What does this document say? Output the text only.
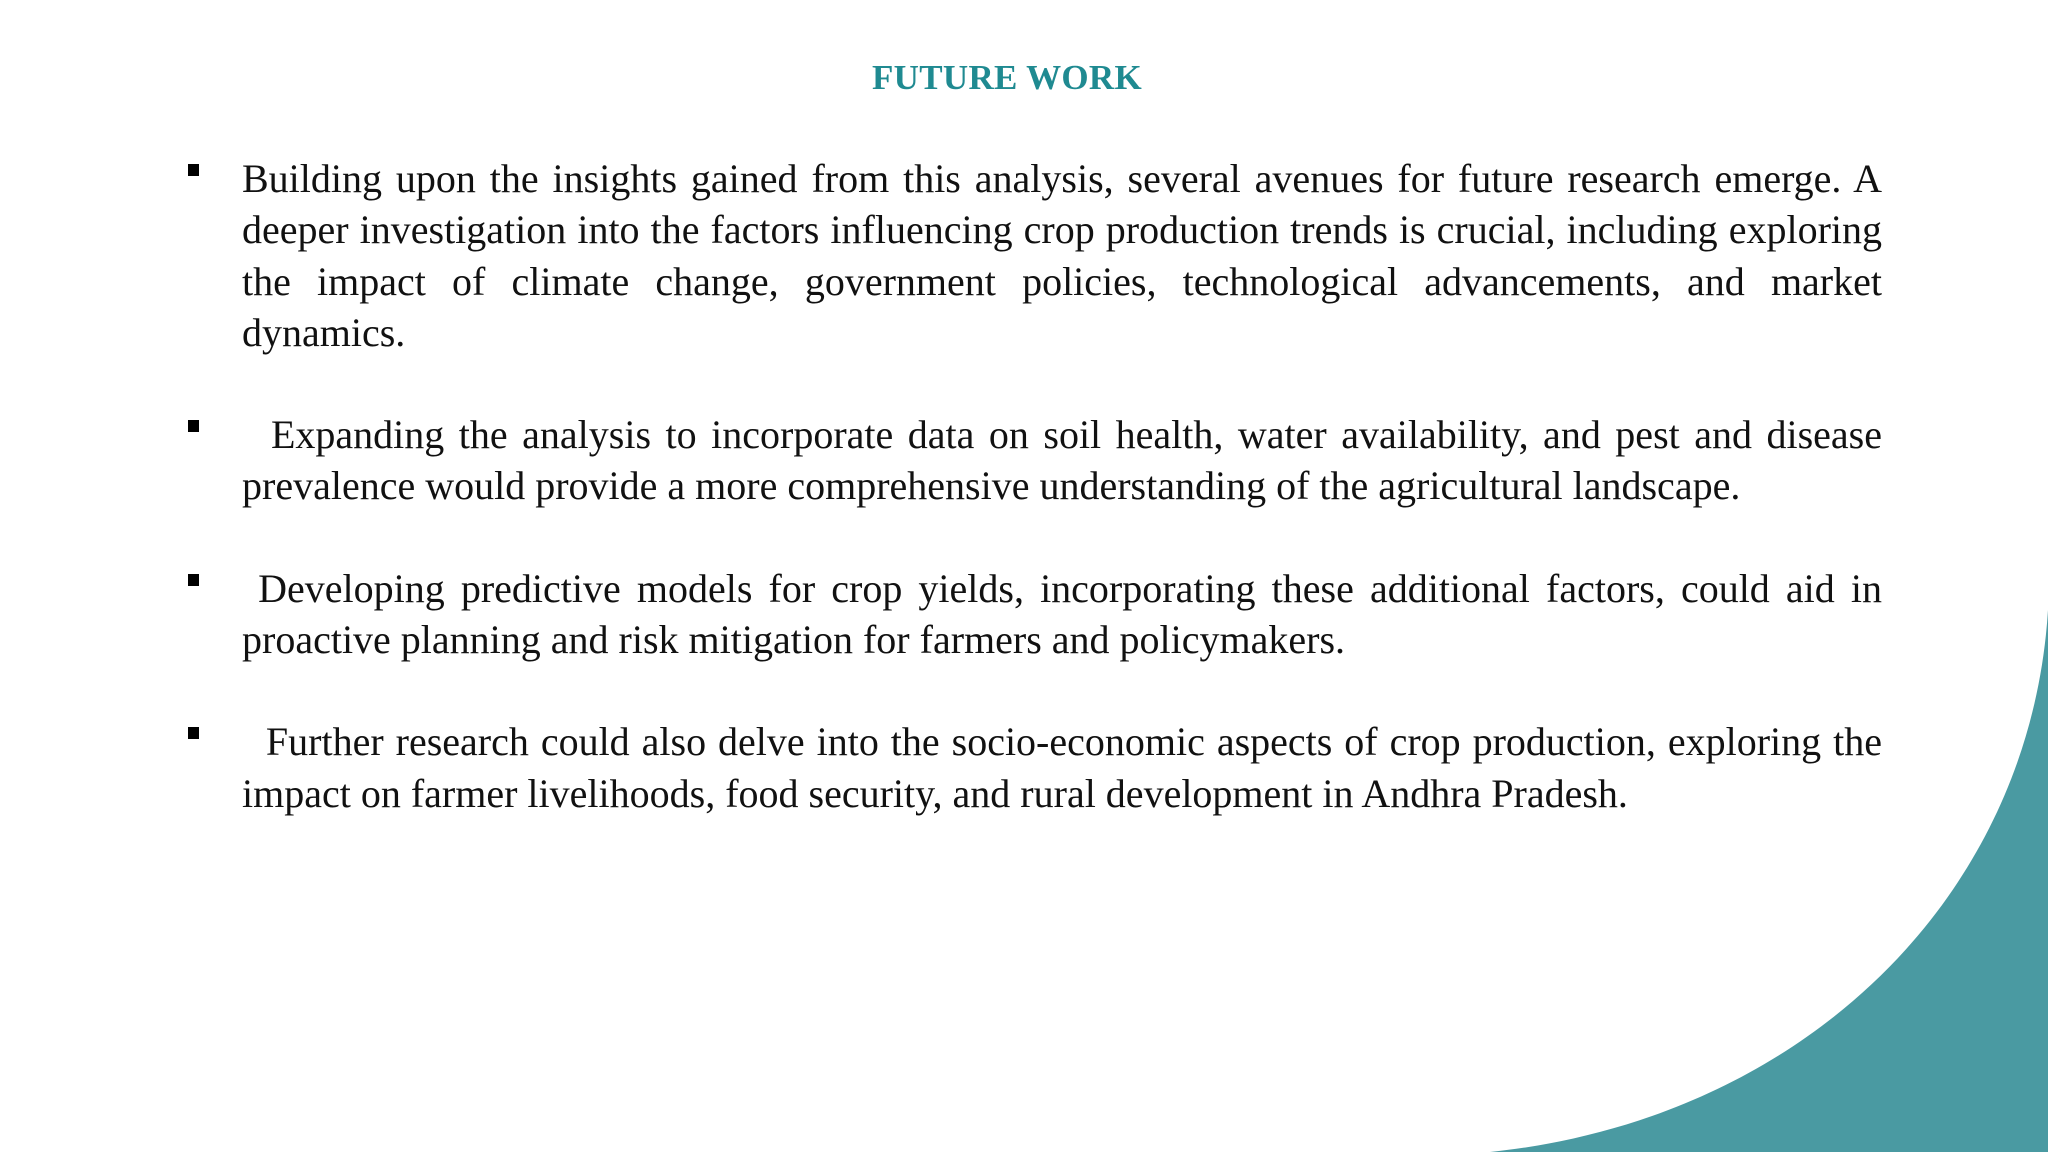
FUTURE WORK
Building upon the insights gained from this analysis, several avenues for future research emerge. A deeper investigation into the factors influencing crop production trends is crucial, including exploring the impact of climate change, government policies, technological advancements, and market dynamics.
Expanding the analysis to incorporate data on soil health, water availability, and pest and disease prevalence would provide a more comprehensive understanding of the agricultural landscape.
Developing predictive models for crop yields, incorporating these additional factors, could aid in proactive planning and risk mitigation for farmers and policymakers.
Further research could also delve into the socio-economic aspects of crop production, exploring the impact on farmer livelihoods, food security, and rural development in Andhra Pradesh.
